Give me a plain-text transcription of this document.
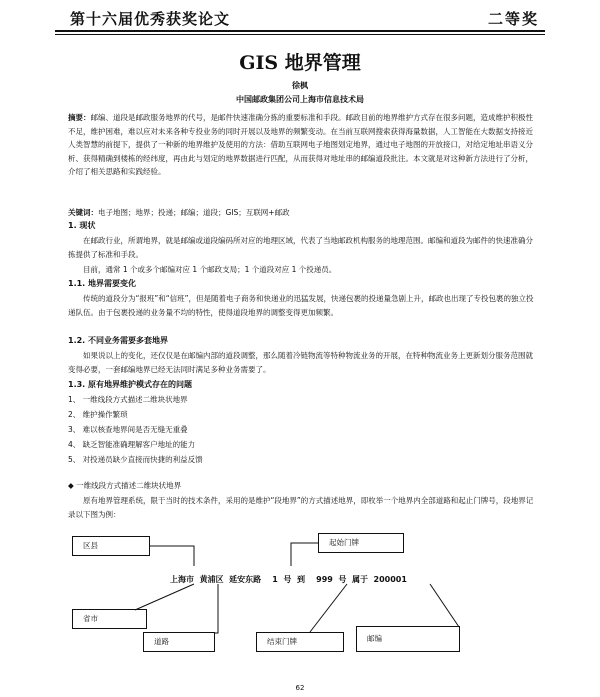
第十六届优秀获奖论文	二等奖
GIS 地界管理
徐枫
中国邮政集团公司上海市信息技术局
摘要：邮编、道段是邮政服务地界的代号，是邮件快速准确分拣的重要标准和手段。邮政目前的地界维护方式存在很多问题，造成维护积极性不足，维护困难，难以应对未来各种专投业务的同时开展以及地界的频繁变动。在当前互联网搜索获得海量数据，人工智能在大数据支持接近人类智慧的前提下，提供了一种新的地界维护及使用的方法：借助互联网电子地图划定地界，通过电子地图的开放接口，对给定地址串语义分析、获得精确到楼栋的经纬度，再由此与划定的地界数据进行匹配，从而获得对地址串的邮编道段批注。本文就是对这种新方法进行了分析，介绍了相关思路和实践经验。
关键词：电子地图；地界；投递；邮编；道段；GIS；互联网+邮政
1. 现状
在邮政行业，所谓地界，就是邮编或道段编码所对应的地理区域，代表了当地邮政机构服务的地理范围。邮编和道段为邮件的快速准确分拣提供了标准和手段。
目前，通常 1 个或多个邮编对应 1 个邮政支局；1 个道段对应 1 个投递员。
1.1. 地界需要变化
传统的道段分为“报班”和“信班”，但是随着电子商务和快递业的迅猛发展，快递包裹的投递量急剧上升，邮政也出现了专投包裹的独立投递队伍。由于包裹投递的业务量不均的特性，使得道段地界的调整变得更加频繁。
1.2. 不同业务需要多套地界
如果说以上的变化，还仅仅是在邮编内部的道段调整，那么随着冷链物流等特种物流业务的开展，在特种物流业务上更新划分服务范围就变得必要，一套邮编地界已经无法同时满足多种业务需要了。
1.3. 原有地界维护模式存在的问题
1、 一维线段方式描述二维块状地界
2、 维护操作繁琐
3、 难以核查地界间是否无缝无重叠
4、 缺乏智能准确理解客户地址的能力
5、 对投递员缺少直接而快捷的利益反馈
◆ 一维线段方式描述二维块状地界
原有地界管理系统，限于当时的技术条件，采用的是维护“段地界”的方式描述地界，即枚举一个地界内全部道路和起止门牌号，段地界记录以下图为例：
区县	起始门牌
上海市  黄浦区  延安东路    1  号  到    999  号  属于  200001
省市
道路	结束门牌	邮编
62
